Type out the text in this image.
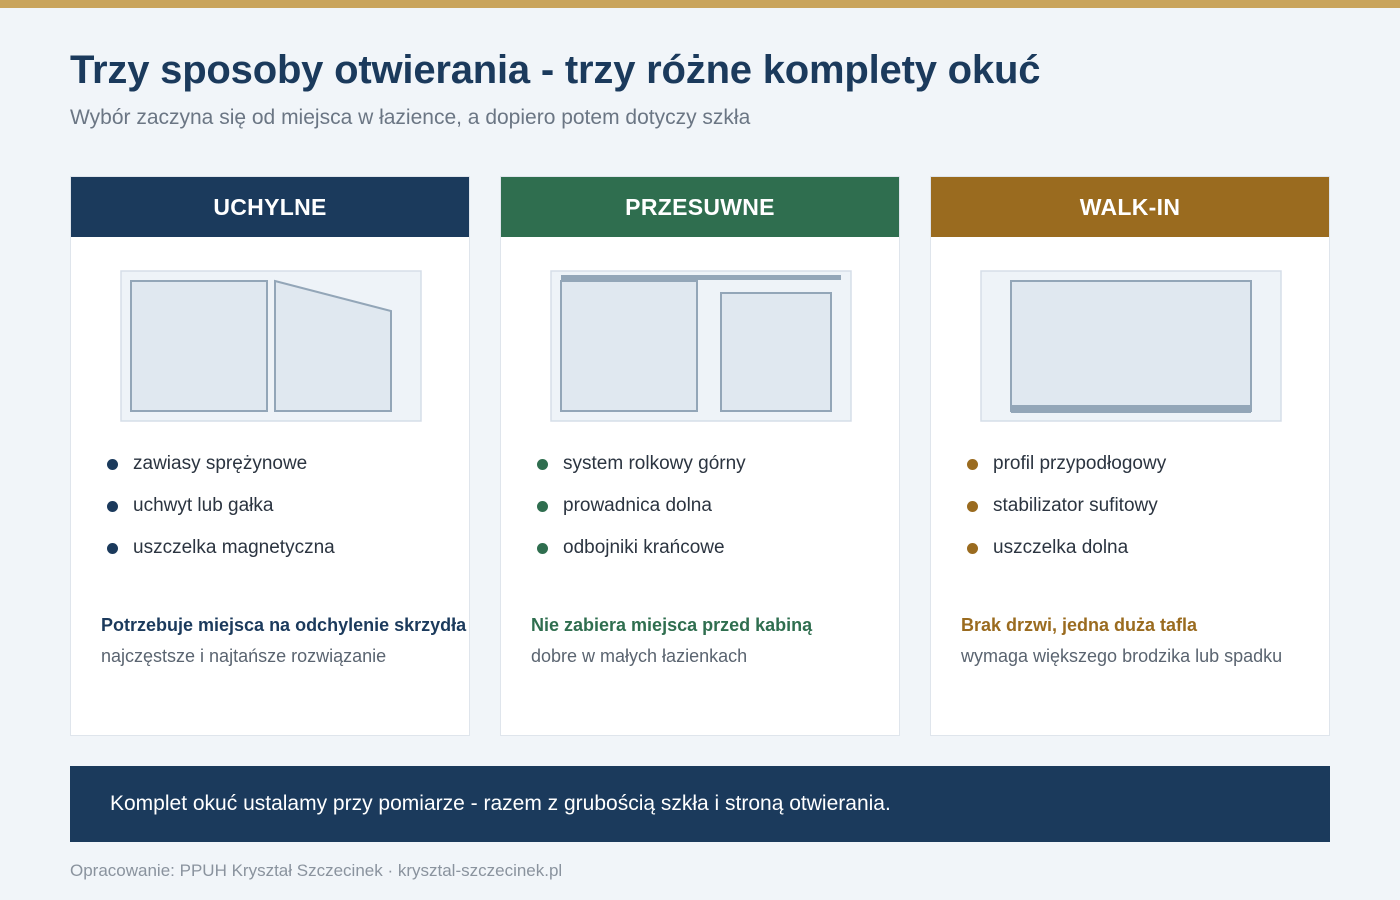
Trzy sposoby otwierania - trzy różne komplety okuć

Wybór zaczyna się od miejsca w łazience, a dopiero potem dotyczy szkła

UCHYLNE
zawiasy sprężynowe
uchwyt lub gałka
uszczelka magnetyczna
Potrzebuje miejsca na odchylenie skrzydła
najczęstsze i najtańsze rozwiązanie
PRZESUWNE
system rolkowy górny
prowadnica dolna
odbojniki krańcowe
Nie zabiera miejsca przed kabiną
dobre w małych łazienkach
WALK-IN
profil przypodłogowy
stabilizator sufitowy
uszczelka dolna
Brak drzwi, jedna duża tafla
wymaga większego brodzika lub spadku
Komplet okuć ustalamy przy pomiarze - razem z grubością szkła i stroną otwierania.
Opracowanie: PPUH Kryształ Szczecinek · krysztal-szczecinek.pl
